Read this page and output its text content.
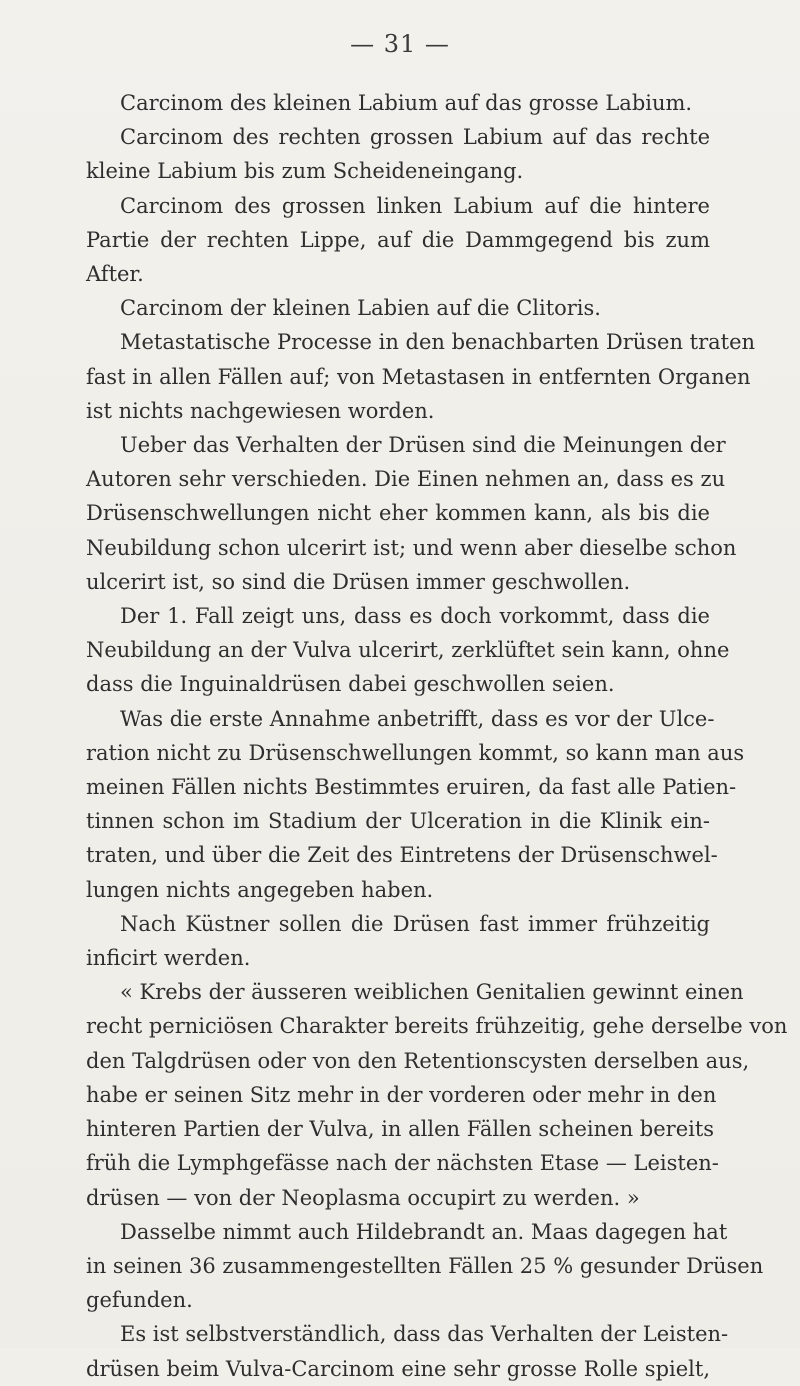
— 31 —

Carcinom des kleinen Labium auf das grosse Labium.

Carcinom des rechten grossen Labium auf das rechte

kleine Labium bis zum Scheideneingang.

Carcinom des grossen linken Labium auf die hintere

Partie der rechten Lippe, auf die Dammgegend bis zum

After.

Carcinom der kleinen Labien auf die Clitoris.

Metastatische Processe in den benachbarten Drüsen traten

fast in allen Fällen auf; von Metastasen in entfernten Organen

ist nichts nachgewiesen worden.

Ueber das Verhalten der Drüsen sind die Meinungen der

Autoren sehr verschieden. Die Einen nehmen an, dass es zu

Drüsenschwellungen nicht eher kommen kann, als bis die

Neubildung schon ulcerirt ist; und wenn aber dieselbe schon

ulcerirt ist, so sind die Drüsen immer geschwollen.

Der 1. Fall zeigt uns, dass es doch vorkommt, dass die

Neubildung an der Vulva ulcerirt, zerklüftet sein kann, ohne

dass die Inguinaldrüsen dabei geschwollen seien.

Was die erste Annahme anbetrifft, dass es vor der Ulce-

ration nicht zu Drüsenschwellungen kommt, so kann man aus

meinen Fällen nichts Bestimmtes eruiren, da fast alle Patien-

tinnen schon im Stadium der Ulceration in die Klinik ein-

traten, und über die Zeit des Eintretens der Drüsenschwel-

lungen nichts angegeben haben.

Nach Küstner sollen die Drüsen fast immer frühzeitig

inficirt werden.

« Krebs der äusseren weiblichen Genitalien gewinnt einen

recht perniciösen Charakter bereits frühzeitig, gehe derselbe von

den Talgdrüsen oder von den Retentionscysten derselben aus,

habe er seinen Sitz mehr in der vorderen oder mehr in den

hinteren Partien der Vulva, in allen Fällen scheinen bereits

früh die Lymphgefässe nach der nächsten Etase — Leisten-

drüsen — von der Neoplasma occupirt zu werden. »

Dasselbe nimmt auch Hildebrandt an. Maas dagegen hat

in seinen 36 zusammengestellten Fällen 25 % gesunder Drüsen

gefunden.

Es ist selbstverständlich, dass das Verhalten der Leisten-

drüsen beim Vulva-Carcinom eine sehr grosse Rolle spielt,
